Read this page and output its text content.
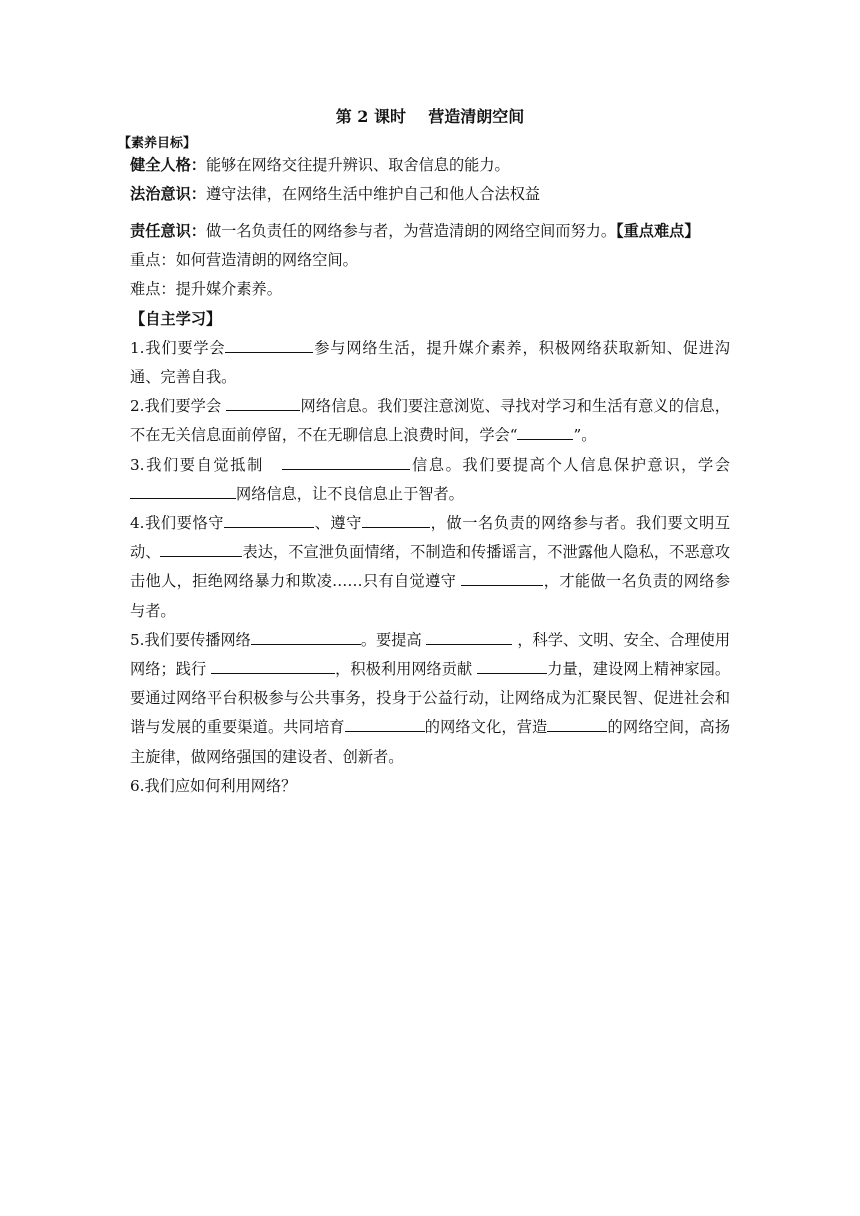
第 2 课时    营造清朗空间
【素养目标】

健全人格：能够在网络交往提升辨识、取舍信息的能力。

法治意识：遵守法律，在网络生活中维护自己和他人合法权益

责任意识：做一名负责任的网络参与者，为营造清朗的网络空间而努力。【重点难点】

重点：如何营造清朗的网络空间。

难点：提升媒介素养。

【自主学习】

1.我们要学会	参与网络生活，提升媒介素养，积极网络获取新知、促进沟通、完善自我。

2.我们要学会	网络信息。我们要注意浏览、寻找对学习和生活有意义的信息，不在无关信息面前停留，不在无聊信息上浪费时间，学会“	”。

3.我们要自觉抵制	信息。我们要提高个人信息保护意识，学会网络信息，让不良信息止于智者。

4.我们要恪守	、遵守	，做一名负责的网络参与者。我们要文明互动、	表达，不宣泄负面情绪，不制造和传播谣言，不泄露他人隐私，不恶意攻击他人，拒绝网络暴力和欺凌……只有自觉遵守	，才能做一名负责的网络参与者。

5.我们要传播网络	。要提高	，科学、文明、安全、合理使用网络；践行	，积极利用网络贡献	力量，建设网上精神家园。要通过网络平台积极参与公共事务，投身于公益行动，让网络成为汇聚民智、促进社会和谐与发展的重要渠道。共同培育	的网络文化，营造	的网络空间，高扬主旋律，做网络强国的建设者、创新者。

6.我们应如何利用网络？
